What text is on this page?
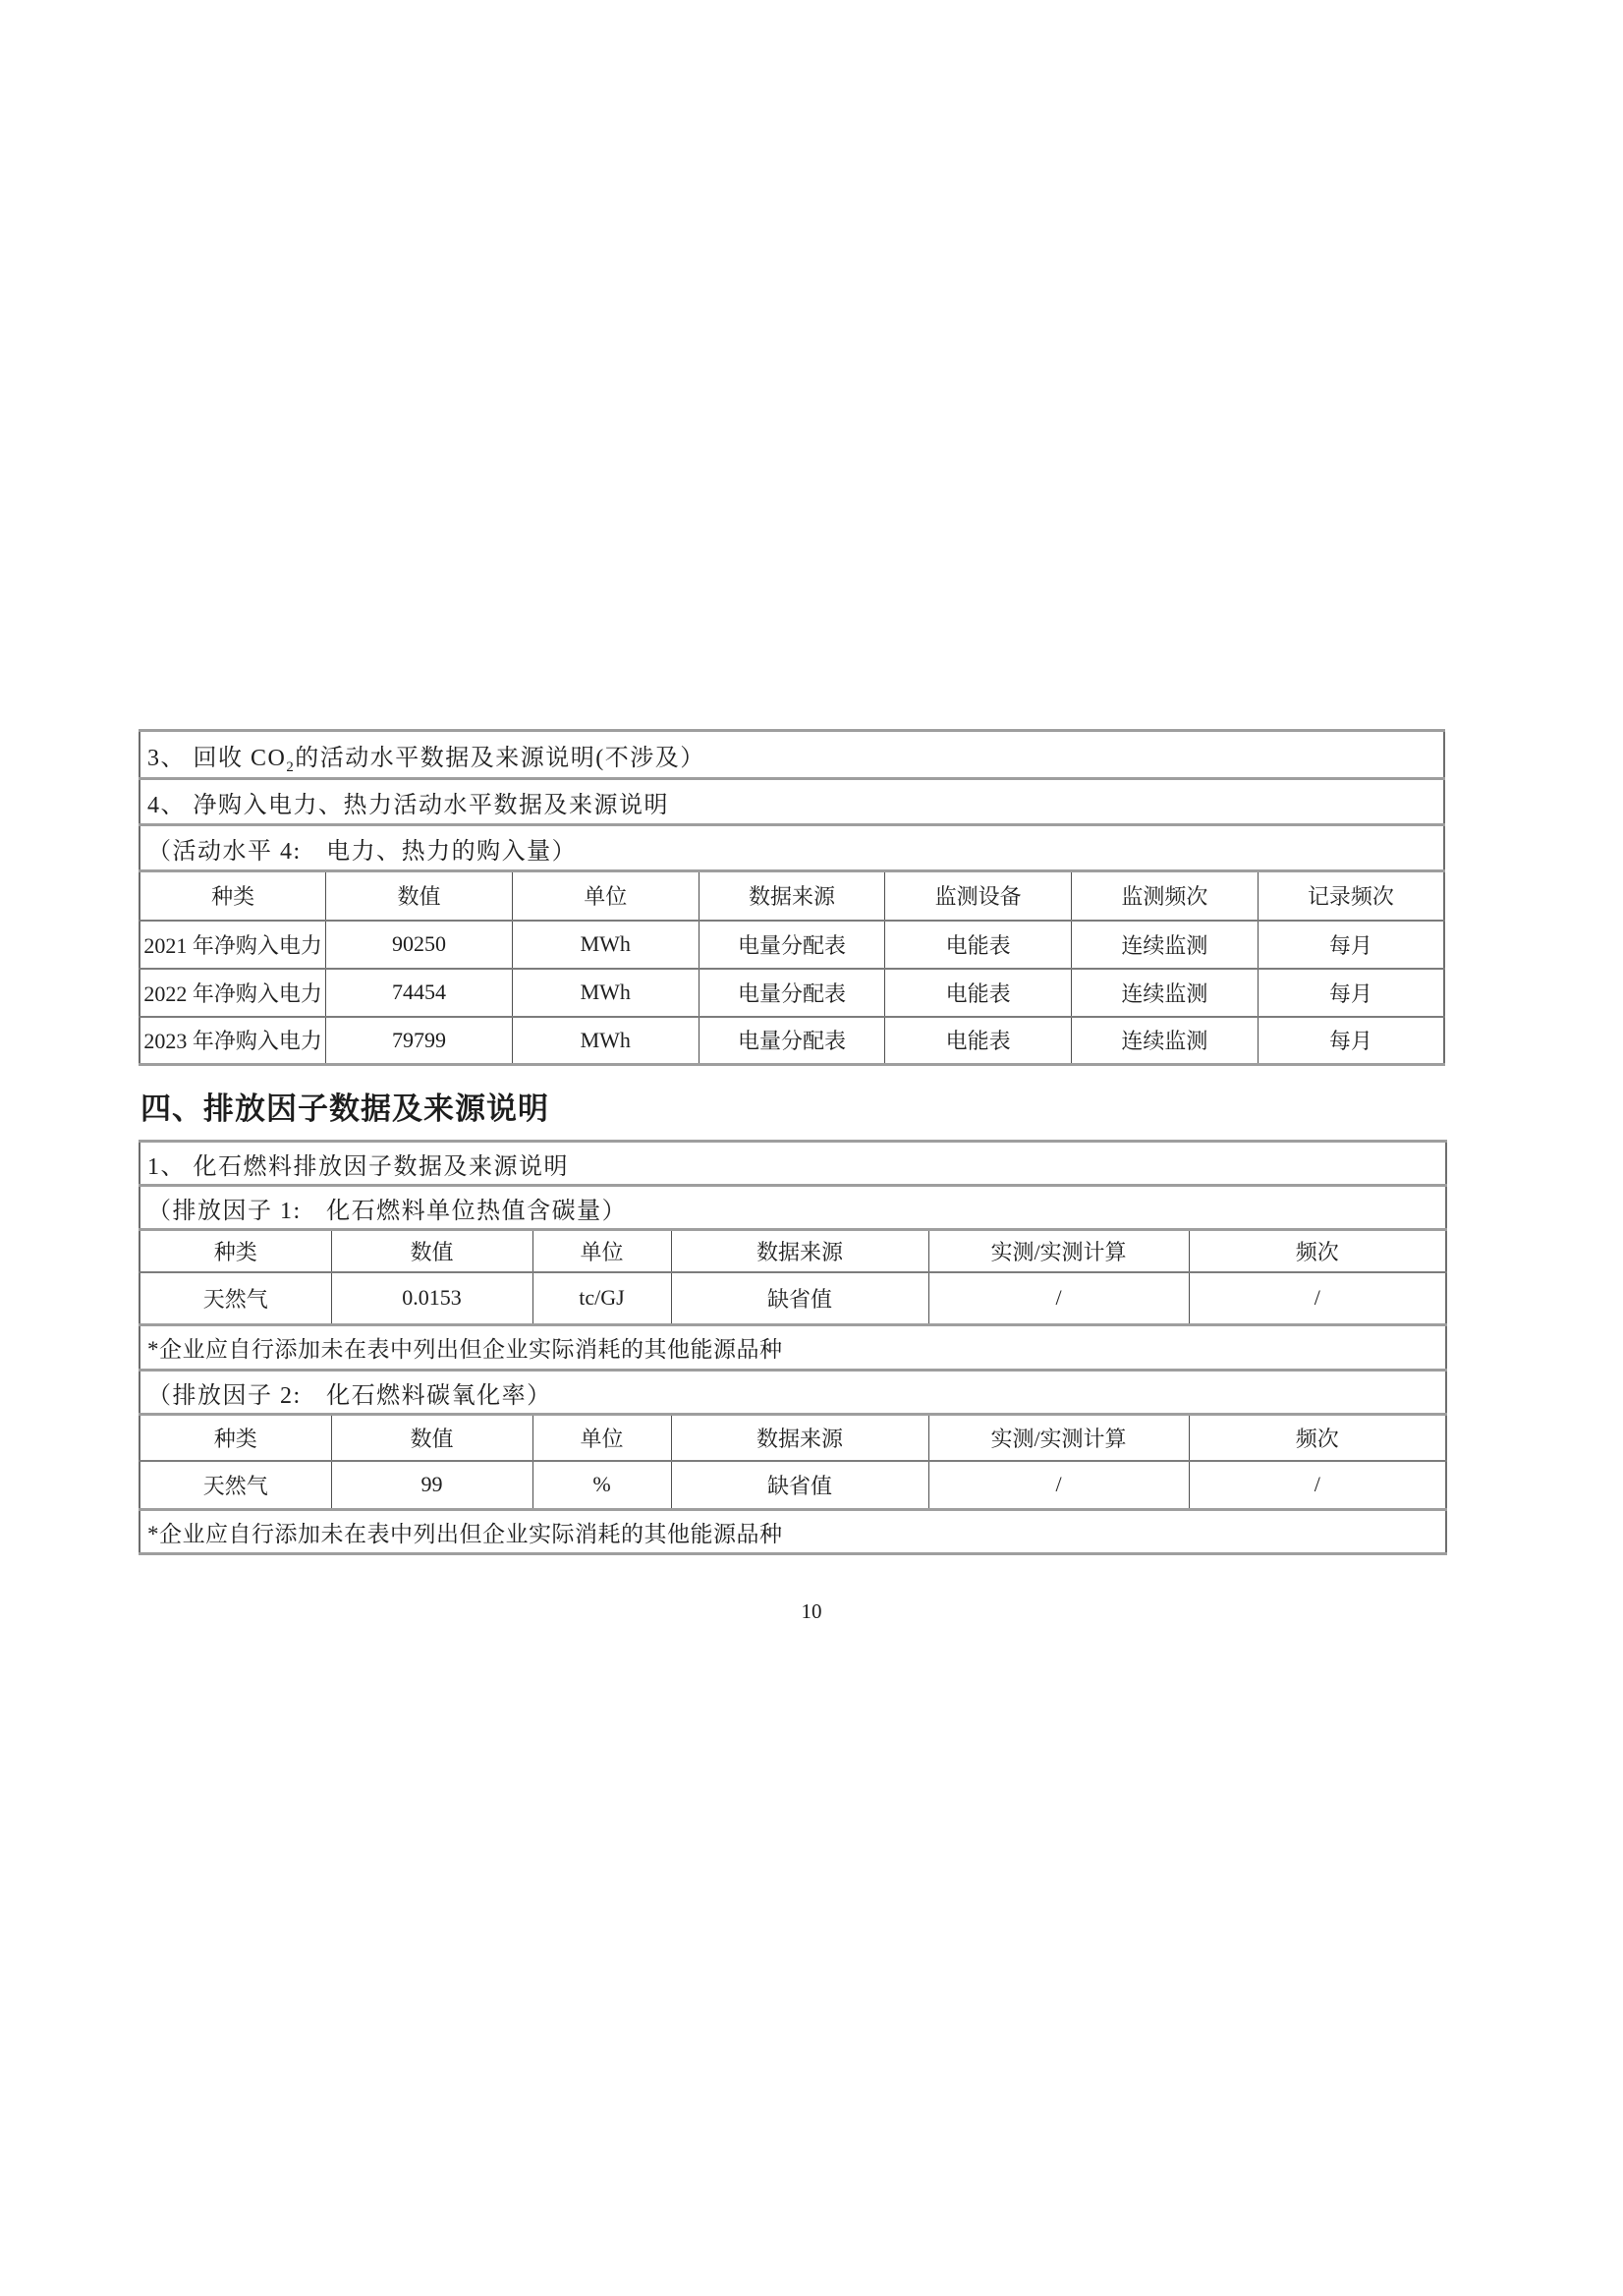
3、 回收 $CO_2$的活动水平数据及来源说明(不涉及）						
4、 净购入电力、热力活动水平数据及来源说明						
（活动水平 4:　电力、热力的购入量）						
种类	数值	单位	数据来源	监测设备	监测频次	记录频次
2021 年净购入电力	90250	MWh	电量分配表	电能表	连续监测	每月
2022 年净购入电力	74454	MWh	电量分配表	电能表	连续监测	每月
2023 年净购入电力	79799	MWh	电量分配表	电能表	连续监测	每月
四、排放因子数据及来源说明
1、 化石燃料排放因子数据及来源说明					
（排放因子 1:　化石燃料单位热值含碳量）					
种类	数值	单位	数据来源	实测/实测计算	频次
天然气	0.0153	tc/GJ	缺省值	/	/
*企业应自行添加未在表中列出但企业实际消耗的其他能源品种					
（排放因子 2:　化石燃料碳氧化率）					
种类	数值	单位	数据来源	实测/实测计算	频次
天然气	99	%	缺省值	/	/
*企业应自行添加未在表中列出但企业实际消耗的其他能源品种					
10
